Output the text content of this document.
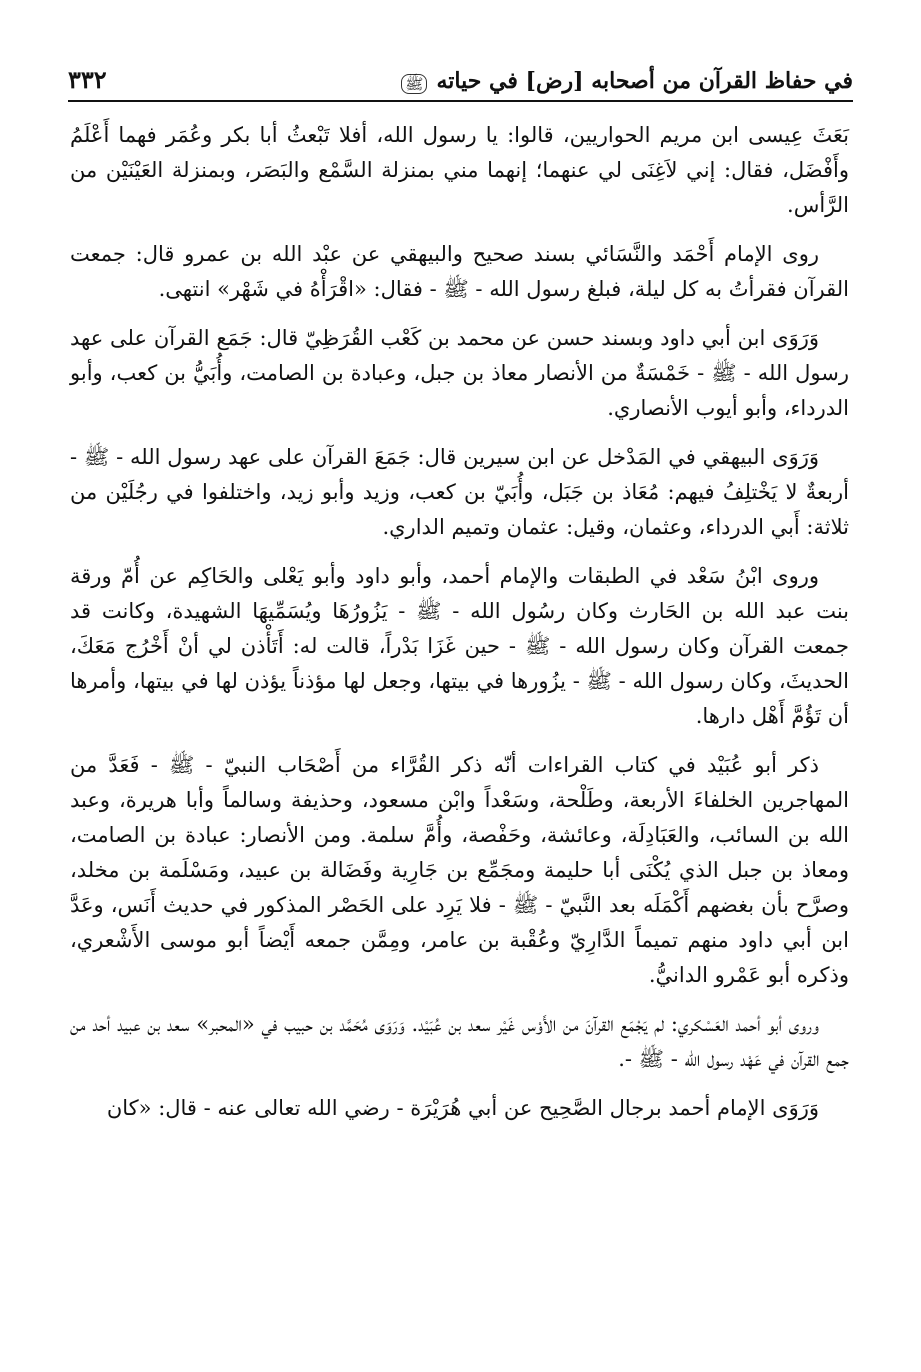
في حفاظ القرآن من أصحابه [رض] في حياته ﷺ
٣٣٢

بَعَثَ عِيسى ابن مريم الحواريين، قالوا: يا رسول الله، أفلا تَبْعثُ أبا بكر وعُمَر فهما أَعْلَمُ وأَفْضَل، فقال: إني لاَغِنَى لي عنهما؛ إنهما مني بمنزلة السَّمْع والبَصَر، وبمنزلة العَيْنَيْن من الرَّأس.

روى الإمام أَحْمَد والنَّسَائي بسند صحيح والبيهقي عن عبْد الله بن عمرو قال: جمعت القرآن فقرأتُ به كل ليلة، فبلغ رسول الله - ﷺ - فقال: «اقْرَأْهُ في شَهْر» انتهى.

وَرَوَى ابن أبي داود وبسند حسن عن محمد بن كَعْب القُرَظِيّ قال: جَمَع القرآن على عهد رسول الله - ﷺ - خَمْسَةٌ من الأنصار معاذ بن جبل، وعبادة بن الصامت، وأُبَيُّ بن كعب، وأبو الدرداء، وأبو أيوب الأنصاري.

وَرَوَى البيهقي في المَدْخل عن ابن سيرين قال: جَمَعَ القرآن على عهد رسول الله - ﷺ - أربعةٌ لا يَخْتلِفُ فيهم: مُعَاذ بن جَبَل، وأُبَيّ بن كعب، وزيد وأبو زيد، واختلفوا في رجُلَيْن من ثلاثة: أَبي الدرداء، وعثمان، وقيل: عثمان وتميم الداري.

وروى ابْنُ سَعْد في الطبقات والإمام أحمد، وأبو داود وأبو يَعْلى والحَاكِم عن أُمّ ورقة بنت عبد الله بن الحَارث وكان رسُول الله - ﷺ - يَزُورُهَا ويُسَمِّيهَا الشهيدة، وكانت قد جمعت القرآن وكان رسول الله - ﷺ - حين غَزَا بَدْراً، قالت له: أَتَأْذن لي أنْ أَخْرُج مَعَكَ، الحديثَ، وكان رسول الله - ﷺ - يزُورها في بيتها، وجعل لها مؤذناً يؤذن لها في بيتها، وأمرها أن تَؤُمَّ أَهْل دارها.

ذكر أبو عُبَيْد في كتاب القراءات أنّه ذكر القُرَّاء من أَصْحَاب النبيّ - ﷺ - فَعَدَّ من المهاجرين الخلفاءَ الأربعة، وطَلْحة، وسَعْداً وابْن مسعود، وحذيفة وسالماً وأبا هريرة، وعبد الله بن السائب، والعَبَادِلَة، وعائشة، وحَفْصة، وأُمَّ سلمة. ومن الأنصار: عبادة بن الصامت، ومعاذ بن جبل الذي يُكْنَى أبا حليمة ومجَمِّع بن جَارِية وفَضَالة بن عبيد، ومَسْلَمة بن مخلد، وصرَّح بأن بغضهم أَكْمَلَه بعد النَّبيّ - ﷺ - فلا يَرِد على الحَصْر المذكور في حديث أَنَس، وعَدَّ ابن أبي داود منهم تميماً الدَّارِيّ وعُقْبة بن عامر، ومِمَّن جمعه أَيْضاً أبو موسى الأَشْعري، وذكره أبو عَمْرو الدانيُّ.

وروى أبو أحمد العَسْكري: لم يَجْمَع القرآنَ من الأَوْس غَيْر سعد بن عُبَيْد. وَرَوَى مُحَمَّد بن حبيب في «المحبر» سعد بن عبيد أحد من جمع القرآن في عَهْد رسول الله - ﷺ -.

وَرَوَى الإمام أحمد برجال الصَّحِيح عن أبي هُرَيْرَة - رضي الله تعالى عنه - قال: «كان
